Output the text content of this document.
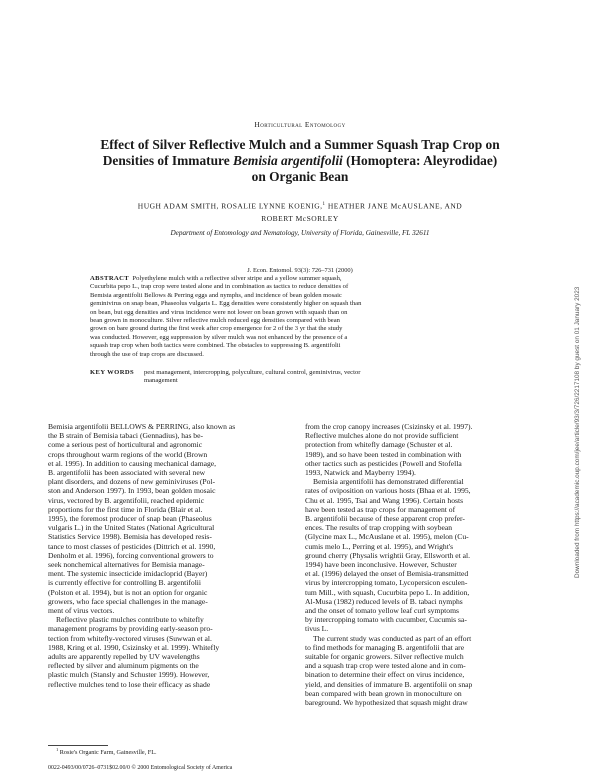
Horticultural Entomology
Effect of Silver Reflective Mulch and a Summer Squash Trap Crop on
Densities of Immature Bemisia argentifolii (Homoptera: Aleyrodidae)
on Organic Bean
HUGH ADAM SMITH, ROSALIE LYNNE KOENIG,$^1$ HEATHER JANE McAUSLANE, AND
ROBERT McSORLEY
Department of Entomology and Nematology, University of Florida, Gainesville, FL 32611
J. Econ. Entomol. 93(3): 726–731 (2000)
ABSTRACT Polyethylene mulch with a reflective silver stripe and a yellow summer squash,
Cucurbita pepo L., trap crop were tested alone and in combination as tactics to reduce densities of
Bemisia argentifolii Bellows & Perring eggs and nymphs, and incidence of bean golden mosaic
geminivirus on snap bean, Phaseolus vulgaris L. Egg densities were consistently higher on squash than
on bean, but egg densities and virus incidence were not lower on bean grown with squash than on
bean grown in monoculture. Silver reflective mulch reduced egg densities compared with bean
grown on bare ground during the first week after crop emergence for 2 of the 3 yr that the study
was conducted. However, egg suppression by silver mulch was not enhanced by the presence of a
squash trap crop when both tactics were combined. The obstacles to suppressing B. argentifolii
through the use of trap crops are discussed.
KEY WORDS pest management, intercropping, polyculture, cultural control, geminivirus, vector
management
Bemisia argentifolii BELLOWS & PERRING, also known as
the B strain of Bemisia tabaci (Gennadius), has be-
come a serious pest of horticultural and agronomic
crops throughout warm regions of the world (Brown
et al. 1995). In addition to causing mechanical damage,
B. argentifolii has been associated with several new
plant disorders, and dozens of new geminiviruses (Pol-
ston and Anderson 1997). In 1993, bean golden mosaic
virus, vectored by B. argentifolii, reached epidemic
proportions for the first time in Florida (Blair et al.
1995), the foremost producer of snap bean (Phaseolus
vulgaris L.) in the United States (National Agricultural
Statistics Service 1998). Bemisia has developed resis-
tance to most classes of pesticides (Dittrich et al. 1990,
Denholm et al. 1996), forcing conventional growers to
seek nonchemical alternatives for Bemisia manage-
ment. The systemic insecticide imidacloprid (Bayer)
is currently effective for controlling B. argentifolii
(Polston et al. 1994), but is not an option for organic
growers, who face special challenges in the manage-
ment of virus vectors.
Reflective plastic mulches contribute to whitefly
management programs by providing early-season pro-
tection from whitefly-vectored viruses (Suwwan et al.
1988, Kring et al. 1990, Csizinsky et al. 1999). Whitefly
adults are apparently repelled by UV wavelengths
reflected by silver and aluminum pigments on the
plastic mulch (Stansly and Schuster 1999). However,
reflective mulches tend to lose their efficacy as shade
from the crop canopy increases (Csizinsky et al. 1997).
Reflective mulches alone do not provide sufficient
protection from whitefly damage (Schuster et al.
1989), and so have been tested in combination with
other tactics such as pesticides (Powell and Stofella
1993, Natwick and Mayberry 1994).
Bemisia argentifolii has demonstrated differential
rates of oviposition on various hosts (Bhaa et al. 1995,
Chu et al. 1995, Tsai and Wang 1996). Certain hosts
have been tested as trap crops for management of
B. argentifolii because of these apparent crop prefer-
ences. The results of trap cropping with soybean
(Glycine max L., McAuslane et al. 1995), melon (Cu-
cumis melo L., Perring et al. 1995), and Wright's
ground cherry (Physalis wrightii Gray, Ellsworth et al.
1994) have been inconclusive. However, Schuster
et al. (1996) delayed the onset of Bemisia-transmitted
virus by intercropping tomato, Lycopersicon esculen-
tum Mill., with squash, Cucurbita pepo L. In addition,
Al-Musa (1982) reduced levels of B. tabaci nymphs
and the onset of tomato yellow leaf curl symptoms
by intercropping tomato with cucumber, Cucumis sa-
tivus L.
The current study was conducted as part of an effort
to find methods for managing B. argentifolii that are
suitable for organic growers. Silver reflective mulch
and a squash trap crop were tested alone and in com-
bination to determine their effect on virus incidence,
yield, and densities of immature B. argentifolii on snap
bean compared with bean grown in monoculture on
bareground. We hypothesized that squash might draw
$^1$ Rosie's Organic Farm, Gainesville, FL.
0022-0493/00/0726–0731$02.00/0 © 2000 Entomological Society of America
Downloaded from https://academic.oup.com/jee/article/93/3/726/2217108 by guest on 01 January 2023
